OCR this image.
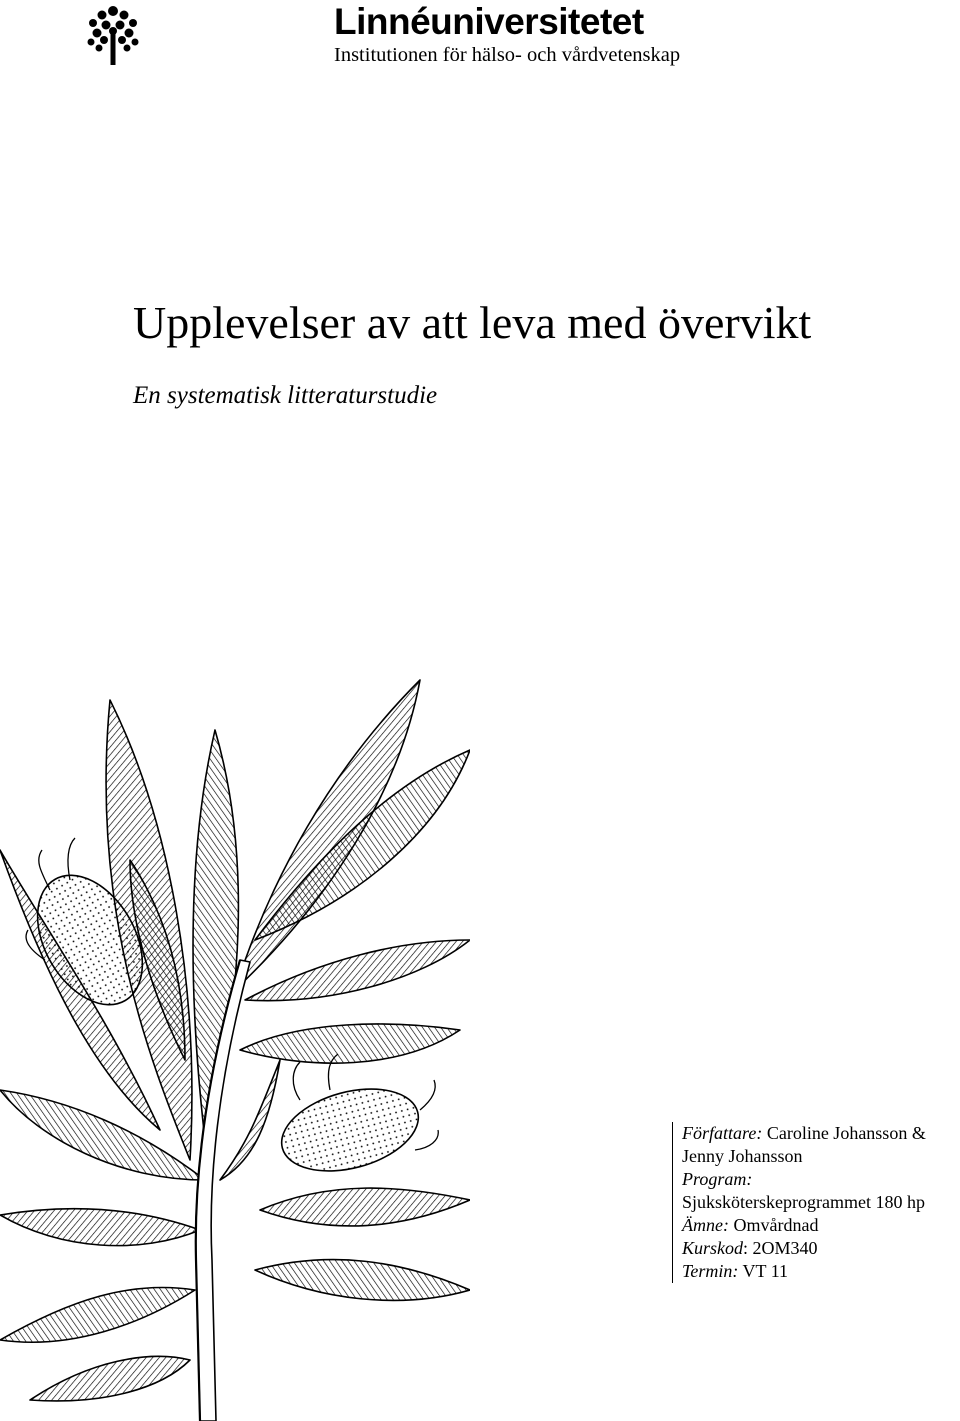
Linnéuniversitetet
Institutionen för hälso- och vårdvetenskap
Upplevelser av att leva med övervikt
En systematisk litteraturstudie
Författare: Caroline Johansson &
Jenny Johansson
Program:
Sjuksköterskeprogrammet 180 hp
Ämne: Omvårdnad
Kurskod: 2OM340
Termin: VT 11
